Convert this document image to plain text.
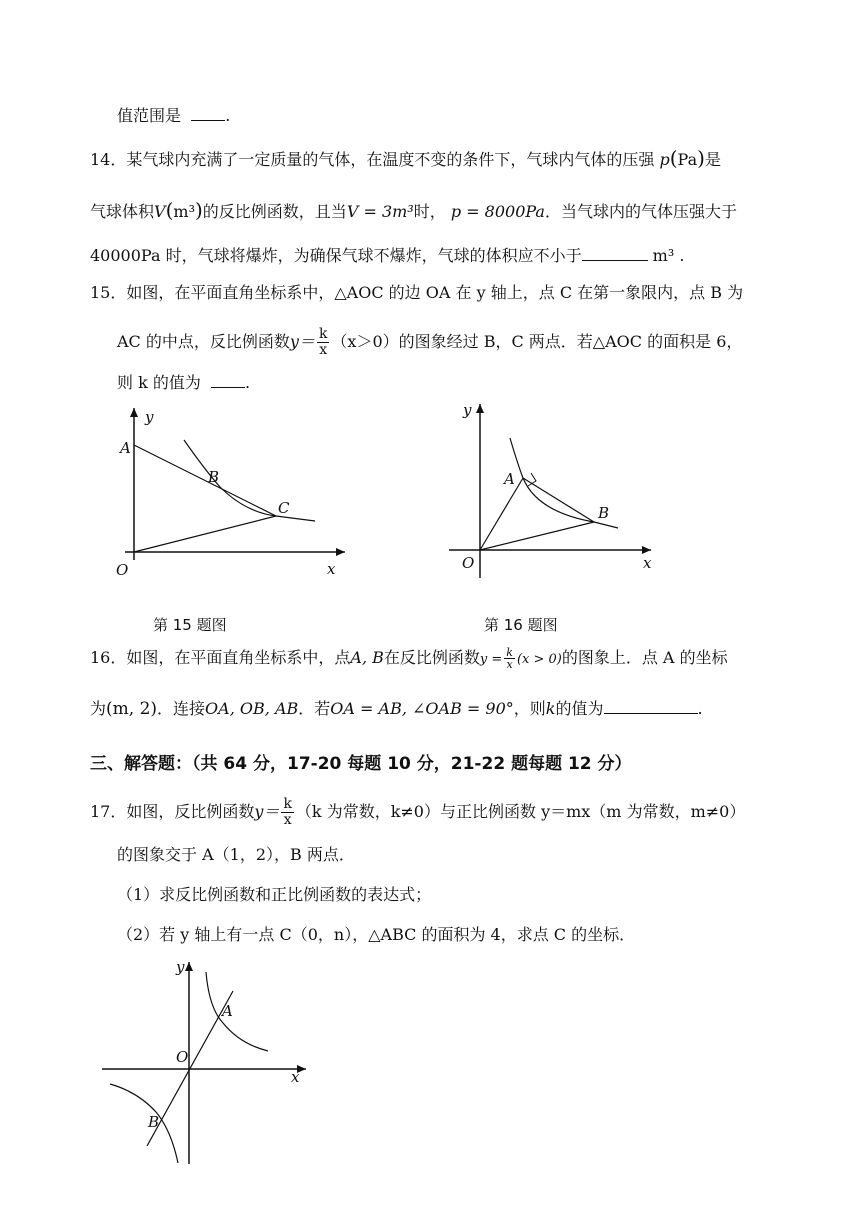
值范围是	.
14．某气球内充满了一定质量的气体，在温度不变的条件下，气球内气体的压强 p(Pa)是
气球体积V(m³)的反比例函数，且当V = 3m³时， p = 8000Pa．当气球内的气体压强大于
40000Pa 时，气球将爆炸，为确保气球不爆炸，气球的体积应不小于	m³ .
15．如图，在平面直角坐标系中，△AOC 的边 OA 在 y 轴上，点 C 在第一象限内，点 B 为
AC 的中点，反比例函数$y= \frac{k}{x} (x>0)$的图象经过 B，C 两点．若△AOC 的面积是 6，
则 k 的值为	.
y
A
B
C
O	x
第 15 题图
y
A
B
O	x
第 16 题图
16．如图，在平面直角坐标系中，点A, B在反比例函数$y = \frac{k}{x} (x > 0)$的图象上．点 A 的坐标
为(m, 2)．连接OA, OB, AB．若OA = AB, ∠OAB = 90°，则k的值为	.
三、解答题：（共 64 分，17-20 每题 10 分，21-22 题每题 12 分）
17．如图，反比例函数$y= \frac{k}{x} (k$ 为常数，k≠0）与正比例函数 y＝mx（m 为常数，m≠0）
的图象交于 A（1，2），B 两点．
（1）求反比例函数和正比例函数的表达式；
（2）若 y 轴上有一点 C（0，n），△ABC 的面积为 4，求点 C 的坐标．
y
A
O
x
B
